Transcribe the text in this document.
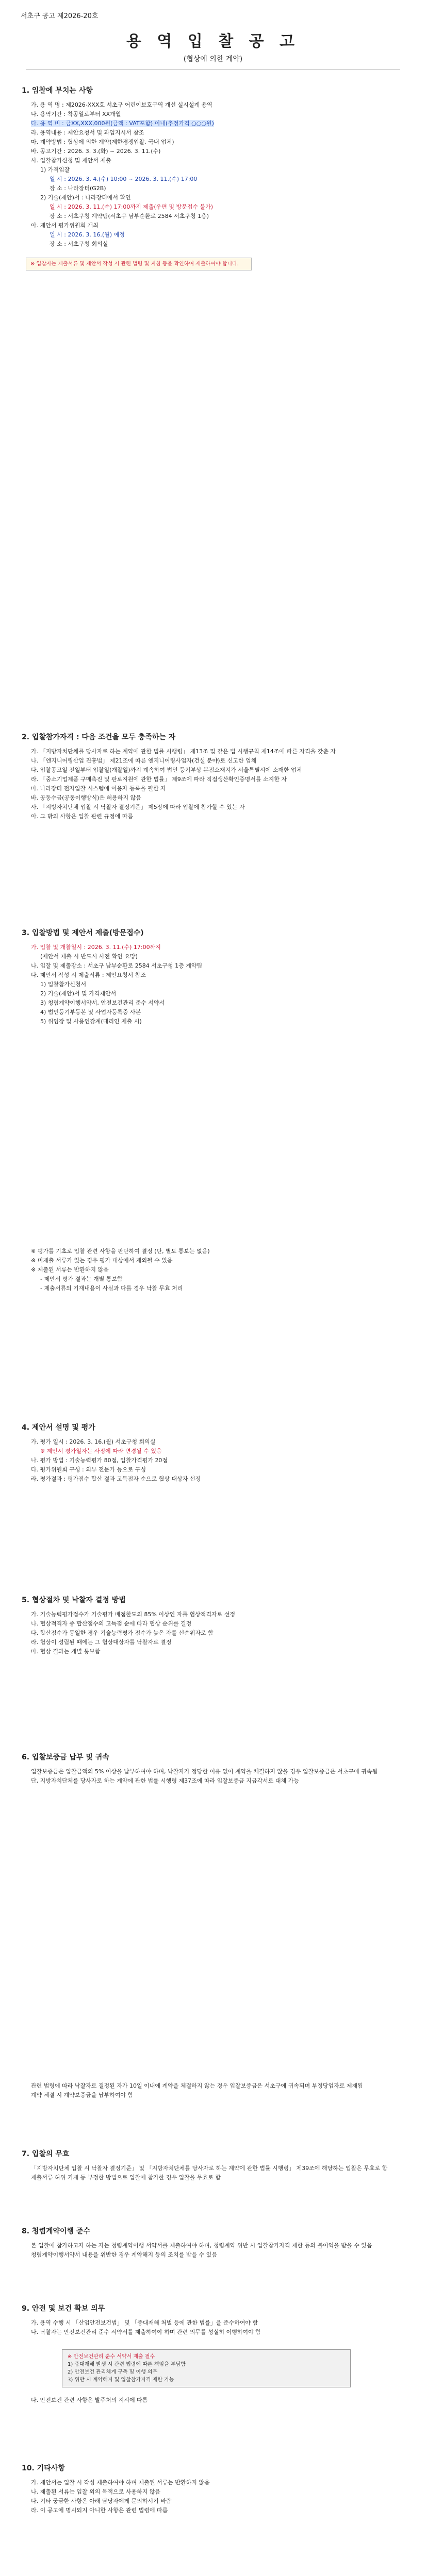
서초구 공고 제2026-20호
용 역 입 찰 공 고
(협상에 의한 계약)
1. 입찰에 부치는 사항

가. 용 역 명 : 제2026-XXX호 서초구 어린이보호구역 개선 실시설계 용역

나. 용역기간 : 착공일로부터 XX개월

다. 용 역 비 : 금XX,XXX,000원(금액 : VAT포함) 이내(추정가격 ○○○원)

라. 용역내용 : 제안요청서 및 과업지시서 참조

마. 계약방법 : 협상에 의한 계약(제한경쟁입찰, 국내 업체)

바. 공고기간 : 2026. 3. 3.(화) ~ 2026. 3. 11.(수)

사. 입찰참가신청 및 제안서 제출

1) 가격입찰

일 시 : 2026. 3. 4.(수) 10:00 ~ 2026. 3. 11.(수) 17:00

장 소 : 나라장터(G2B)

2) 기술(제안)서 : 나라장터에서 확인

일 시 : 2026. 3. 11.(수) 17:00까지 제출(우편 및 방문접수 불가)

장 소 : 서초구청 계약팀(서초구 남부순환로 2584 서초구청 1층)

아. 제안서 평가위원회 개최

일 시 : 2026. 3. 16.(월) 예정

장 소 : 서초구청 회의실

※ 입찰자는 제출서류 및 제안서 작성 시 관련 법령 및 지침 등을 확인하여 제출하여야 합니다.
2. 입찰참가자격 : 다음 조건을 모두 충족하는 자

가. 「지방자치단체를 당사자로 하는 계약에 관한 법률 시행령」 제13조 및 같은 법 시행규칙 제14조에 따른 자격을 갖춘 자

나. 「엔지니어링산업 진흥법」 제21조에 따른 엔지니어링사업자(건설 분야)로 신고한 업체

다. 입찰공고일 전일부터 입찰일(개찰일)까지 계속하여 법인 등기부상 본점소재지가 서울특별시에 소재한 업체

라. 「중소기업제품 구매촉진 및 판로지원에 관한 법률」 제9조에 따라 직접생산확인증명서를 소지한 자

마. 나라장터 전자입찰 시스템에 이용자 등록을 필한 자

바. 공동수급(공동이행방식)은 허용하지 않음

사. 「지방자치단체 입찰 시 낙찰자 결정기준」 제5장에 따라 입찰에 참가할 수 있는 자

아. 그 밖의 사항은 입찰 관련 규정에 따름

3. 입찰방법 및 제안서 제출(방문접수)

가. 입찰 및 개찰일시 : 2026. 3. 11.(수) 17:00까지

(제안서 제출 시 반드시 사전 확인 요망)

나. 입찰 및 제출장소 : 서초구 남부순환로 2584 서초구청 1층 계약팀

다. 제안서 작성 시 제출서류 : 제안요청서 참조

1) 입찰참가신청서

2) 기술(제안)서 및 가격제안서

3) 청렴계약이행서약서, 안전보건관리 준수 서약서

4) 법인등기부등본 및 사업자등록증 사본

5) 위임장 및 사용인감계(대리인 제출 시)

※ 평가를 기초로 입찰 관련 사항을 판단하여 결정 (단, 별도 통보는 없음)

※ 미제출 서류가 있는 경우 평가 대상에서 제외될 수 있음

※ 제출된 서류는 반환하지 않음

- 제안서 평가 결과는 개별 통보함

- 제출서류의 기재내용이 사실과 다를 경우 낙찰 무효 처리

4. 제안서 설명 및 평가

가. 평가 일시 : 2026. 3. 16.(월) 서초구청 회의실

※ 제안서 평가일자는 사정에 따라 변경될 수 있음

나. 평가 방법 : 기술능력평가 80점, 입찰가격평가 20점

다. 평가위원회 구성 : 외부 전문가 등으로 구성

라. 평가결과 : 평가점수 합산 결과 고득점자 순으로 협상 대상자 선정

5. 협상절차 및 낙찰자 결정 방법

가. 기술능력평가점수가 기술평가 배점한도의 85% 이상인 자를 협상적격자로 선정

나. 협상적격자 중 합산점수의 고득점 순에 따라 협상 순위를 결정

다. 합산점수가 동일한 경우 기술능력평가 점수가 높은 자를 선순위자로 함

라. 협상이 성립된 때에는 그 협상대상자를 낙찰자로 결정

마. 협상 결과는 개별 통보함

6. 입찰보증금 납부 및 귀속

입찰보증금은 입찰금액의 5% 이상을 납부하여야 하며, 낙찰자가 정당한 이유 없이 계약을 체결하지 않을 경우 입찰보증금은 서초구에 귀속됨

단, 지방자치단체를 당사자로 하는 계약에 관한 법률 시행령 제37조에 따라 입찰보증금 지급각서로 대체 가능

관련 법령에 따라 낙찰자로 결정된 자가 10일 이내에 계약을 체결하지 않는 경우 입찰보증금은 서초구에 귀속되며 부정당업자로 제재됨

계약 체결 시 계약보증금을 납부하여야 함

7. 입찰의 무효

「지방자치단체 입찰 시 낙찰자 결정기준」 및 「지방자치단체를 당사자로 하는 계약에 관한 법률 시행령」 제39조에 해당하는 입찰은 무효로 함

제출서류 허위 기재 등 부정한 방법으로 입찰에 참가한 경우 입찰을 무효로 함

8. 청렴계약이행 준수

본 입찰에 참가하고자 하는 자는 청렴계약이행 서약서를 제출하여야 하며, 청렴계약 위반 시 입찰참가자격 제한 등의 불이익을 받을 수 있음

청렴계약이행서약서 내용을 위반한 경우 계약해지 등의 조치를 받을 수 있음

9. 안전 및 보건 확보 의무

가. 용역 수행 시 「산업안전보건법」 및 「중대재해 처벌 등에 관한 법률」을 준수하여야 함

나. 낙찰자는 안전보건관리 준수 서약서를 제출하여야 하며 관련 의무를 성실히 이행하여야 함

※ 안전보건관리 준수 서약서 제출 필수
1) 중대재해 발생 시 관련 법령에 따른 책임을 부담함
2) 안전보건 관리체계 구축 및 이행 의무
3) 위반 시 계약해지 및 입찰참가자격 제한 가능

다. 안전보건 관련 사항은 발주처의 지시에 따름

10. 기타사항

가. 제안서는 입찰 시 작성 제출하여야 하며 제출된 서류는 반환하지 않음

나. 제출된 서류는 입찰 외의 목적으로 사용하지 않음

다. 기타 궁금한 사항은 아래 담당자에게 문의하시기 바람

라. 이 공고에 명시되지 아니한 사항은 관련 법령에 따름
